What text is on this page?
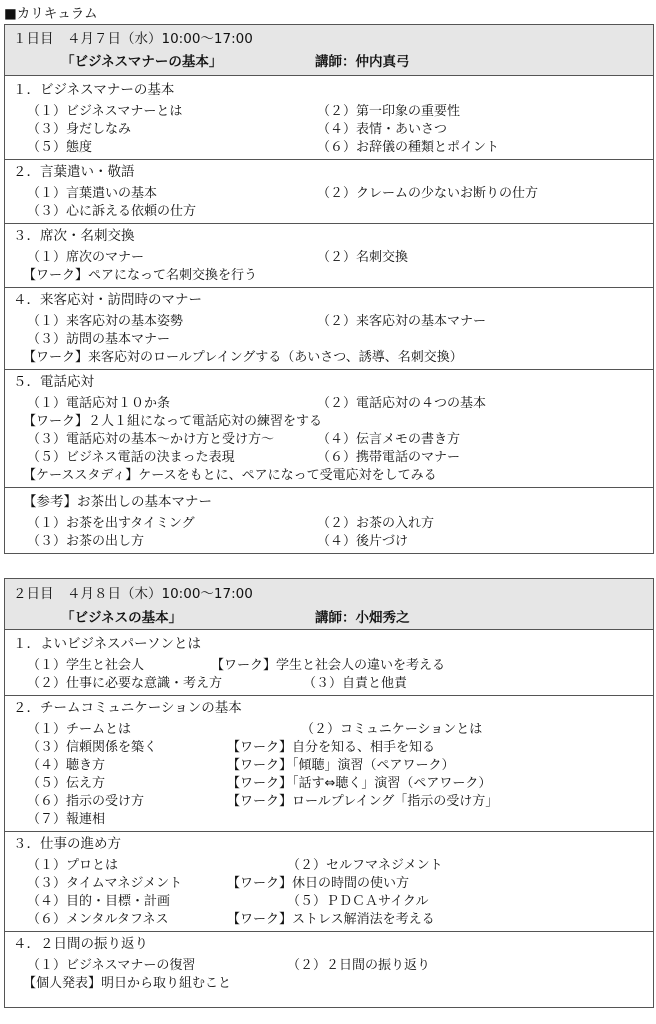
■カリキュラム
１日目　４月７日（水）10:00～17:00
「ビジネスマナーの基本」	講師：仲内真弓
１．ビジネスマナーの基本
（１）ビジネスマナーとは	（２）第一印象の重要性
（３）身だしなみ	（４）表情・あいさつ
（５）態度	（６）お辞儀の種類とポイント
２．言葉遣い・敬語
（１）言葉遣いの基本	（２）クレームの少ないお断りの仕方
（３）心に訴える依頼の仕方
３．席次・名刺交換
（１）席次のマナー	（２）名刺交換
【ワーク】ペアになって名刺交換を行う
４．来客応対・訪問時のマナー
（１）来客応対の基本姿勢	（２）来客応対の基本マナー
（３）訪問の基本マナー
【ワーク】来客応対のロールプレイングする（あいさつ、誘導、名刺交換）
５．電話応対
（１）電話応対１０か条	（２）電話応対の４つの基本
【ワーク】２人１組になって電話応対の練習をする
（３）電話応対の基本～かけ方と受け方～	（４）伝言メモの書き方
（５）ビジネス電話の決まった表現	（６）携帯電話のマナー
【ケーススタディ】ケースをもとに、ペアになって受電応対をしてみる
【参考】お茶出しの基本マナー
（１）お茶を出すタイミング	（２）お茶の入れ方
（３）お茶の出し方	（４）後片づけ
２日目　４月８日（木）10:00～17:00
「ビジネスの基本」	講師：小畑秀之
１．よいビジネスパーソンとは
（１）学生と社会人	【ワーク】学生と社会人の違いを考える
（２）仕事に必要な意識・考え方	（３）自責と他責
２．チームコミュニケーションの基本
（１）チームとは	（２）コミュニケーションとは
（３）信頼関係を築く	【ワーク】自分を知る、相手を知る
（４）聴き方	【ワーク】「傾聴」演習（ペアワーク）
（５）伝え方	【ワーク】「話す⇔聴く」演習（ペアワーク）
（６）指示の受け方	【ワーク】ロールプレイング「指示の受け方」
（７）報連相
３．仕事の進め方
（１）プロとは	（２）セルフマネジメント
（３）タイムマネジメント	【ワーク】休日の時間の使い方
（４）目的・目標・計画	（５）ＰＤＣＡサイクル
（６）メンタルタフネス	【ワーク】ストレス解消法を考える
４．２日間の振り返り
（１）ビジネスマナーの復習	（２）２日間の振り返り
【個人発表】明日から取り組むこと
